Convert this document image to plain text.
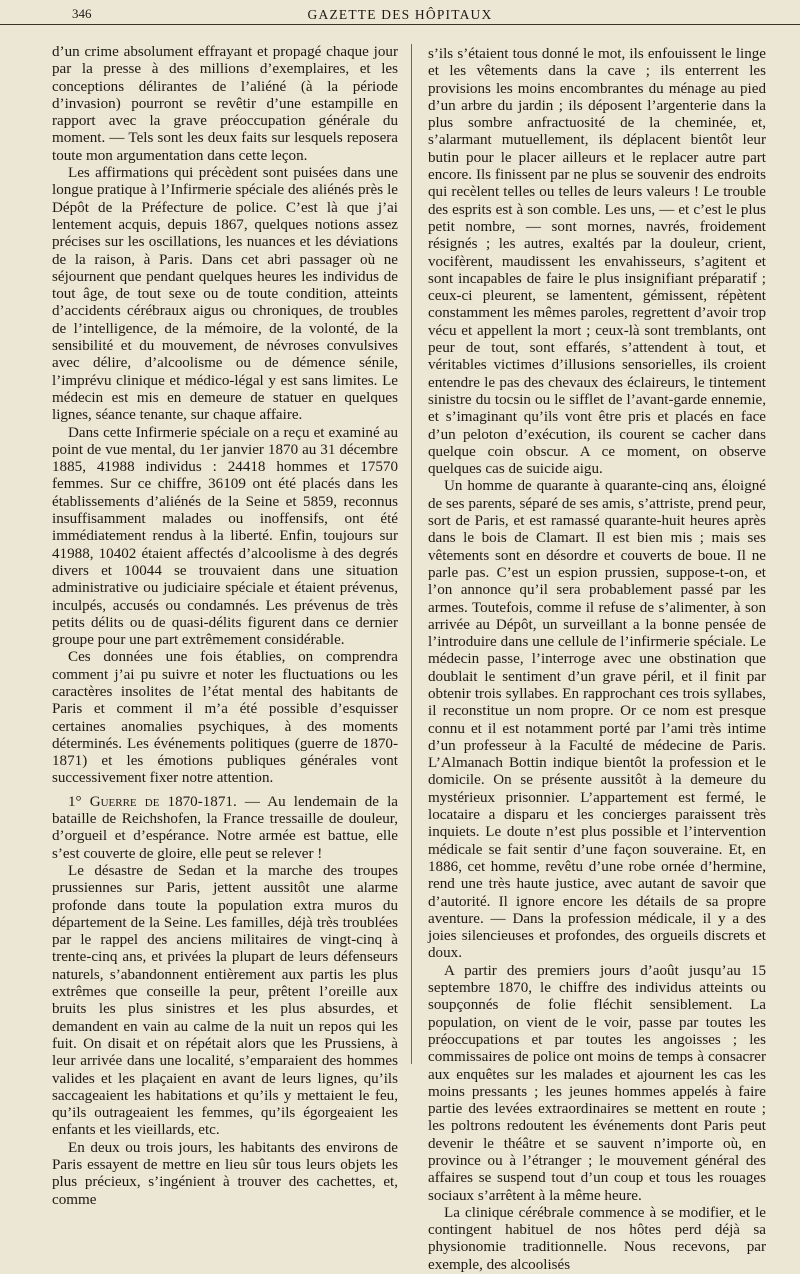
346	GAZETTE DES HÔPITAUX

d’un crime absolument effrayant et propagé chaque jour par la presse à des millions d’exemplaires, et les conceptions délirantes de l’aliéné (à la période d’invasion) pourront se revêtir d’une estampille en rapport avec la grave préoccupation générale du moment. — Tels sont les deux faits sur lesquels reposera toute mon argumentation dans cette leçon.

Les affirmations qui précèdent sont puisées dans une longue pratique à l’Infirmerie spéciale des aliénés près le Dépôt de la Préfecture de police. C’est là que j’ai lentement acquis, depuis 1867, quelques notions assez précises sur les oscillations, les nuances et les déviations de la raison, à Paris. Dans cet abri passager où ne séjournent que pendant quelques heures les individus de tout âge, de tout sexe ou de toute condition, atteints d’accidents cérébraux aigus ou chroniques, de troubles de l’intelligence, de la mémoire, de la volonté, de la sensibilité et du mouvement, de névroses convulsives avec délire, d’alcoolisme ou de démence sénile, l’imprévu clinique et médico-légal y est sans limites. Le médecin est mis en demeure de statuer en quelques lignes, séance tenante, sur chaque affaire.

Dans cette Infirmerie spéciale on a reçu et examiné au point de vue mental, du 1er janvier 1870 au 31 décembre 1885, 41988 individus : 24418 hommes et 17570 femmes. Sur ce chiffre, 36109 ont été placés dans les établissements d’aliénés de la Seine et 5859, reconnus insuffisamment malades ou inoffensifs, ont été immédiatement rendus à la liberté. Enfin, toujours sur 41988, 10402 étaient affectés d’alcoolisme à des degrés divers et 10044 se trouvaient dans une situation administrative ou judiciaire spéciale et étaient prévenus, inculpés, accusés ou condamnés. Les prévenus de très petits délits ou de quasi-délits figurent dans ce dernier groupe pour une part extrêmement considérable.

Ces données une fois établies, on comprendra comment j’ai pu suivre et noter les fluctuations ou les caractères insolites de l’état mental des habitants de Paris et comment il m’a été possible d’esquisser certaines anomalies psychiques, à des moments déterminés. Les événements politiques (guerre de 1870-1871) et les émotions publiques générales vont successivement fixer notre attention.

1° Guerre de 1870-1871. — Au lendemain de la bataille de Reichshofen, la France tressaille de douleur, d’orgueil et d’espérance. Notre armée est battue, elle s’est couverte de gloire, elle peut se relever !

Le désastre de Sedan et la marche des troupes prussiennes sur Paris, jettent aussitôt une alarme profonde dans toute la population extra muros du département de la Seine. Les familles, déjà très troublées par le rappel des anciens militaires de vingt-cinq à trente-cinq ans, et privées la plupart de leurs défenseurs naturels, s’abandonnent entièrement aux partis les plus extrêmes que conseille la peur, prêtent l’oreille aux bruits les plus sinistres et les plus absurdes, et demandent en vain au calme de la nuit un repos qui les fuit. On disait et on répétait alors que les Prussiens, à leur arrivée dans une localité, s’emparaient des hommes valides et les plaçaient en avant de leurs lignes, qu’ils saccageaient les habitations et qu’ils y mettaient le feu, qu’ils outrageaient les femmes, qu’ils égorgeaient les enfants et les vieillards, etc.

En deux ou trois jours, les habitants des environs de Paris essayent de mettre en lieu sûr tous leurs objets les plus précieux, s’ingénient à trouver des cachettes, et, comme

s’ils s’étaient tous donné le mot, ils enfouissent le linge et les vêtements dans la cave ; ils enterrent les provisions les moins encombrantes du ménage au pied d’un arbre du jardin ; ils déposent l’argenterie dans la plus sombre anfractuosité de la cheminée, et, s’alarmant mutuellement, ils déplacent bientôt leur butin pour le placer ailleurs et le replacer autre part encore. Ils finissent par ne plus se souvenir des endroits qui recèlent telles ou telles de leurs valeurs ! Le trouble des esprits est à son comble. Les uns, — et c’est le plus petit nombre, — sont mornes, navrés, froidement résignés ; les autres, exaltés par la douleur, crient, vocifèrent, maudissent les envahisseurs, s’agitent et sont incapables de faire le plus insignifiant préparatif ; ceux-ci pleurent, se lamentent, gémissent, répètent constamment les mêmes paroles, regrettent d’avoir trop vécu et appellent la mort ; ceux-là sont tremblants, ont peur de tout, sont effarés, s’attendent à tout, et véritables victimes d’illusions sensorielles, ils croient entendre le pas des chevaux des éclaireurs, le tintement sinistre du tocsin ou le sifflet de l’avant-garde ennemie, et s’imaginant qu’ils vont être pris et placés en face d’un peloton d’exécution, ils courent se cacher dans quelque coin obscur. A ce moment, on observe quelques cas de suicide aigu.

Un homme de quarante à quarante-cinq ans, éloigné de ses parents, séparé de ses amis, s’attriste, prend peur, sort de Paris, et est ramassé quarante-huit heures après dans le bois de Clamart. Il est bien mis ; mais ses vêtements sont en désordre et couverts de boue. Il ne parle pas. C’est un espion prussien, suppose-t-on, et l’on annonce qu’il sera probablement passé par les armes. Toutefois, comme il refuse de s’alimenter, à son arrivée au Dépôt, un surveillant a la bonne pensée de l’introduire dans une cellule de l’infirmerie spéciale. Le médecin passe, l’interroge avec une obstination que doublait le sentiment d’un grave péril, et il finit par obtenir trois syllabes. En rapprochant ces trois syllabes, il reconstitue un nom propre. Or ce nom est presque connu et il est notamment porté par l’ami très intime d’un professeur à la Faculté de médecine de Paris. L’Almanach Bottin indique bientôt la profession et le domicile. On se présente aussitôt à la demeure du mystérieux prisonnier. L’appartement est fermé, le locataire a disparu et les concierges paraissent très inquiets. Le doute n’est plus possible et l’intervention médicale se fait sentir d’une façon souveraine. Et, en 1886, cet homme, revêtu d’une robe ornée d’hermine, rend une très haute justice, avec autant de savoir que d’autorité. Il ignore encore les détails de sa propre aventure. — Dans la profession médicale, il y a des joies silencieuses et profondes, des orgueils discrets et doux.

A partir des premiers jours d’août jusqu’au 15 septembre 1870, le chiffre des individus atteints ou soupçonnés de folie fléchit sensiblement. La population, on vient de le voir, passe par toutes les préoccupations et par toutes les angoisses ; les commissaires de police ont moins de temps à consacrer aux enquêtes sur les malades et ajournent les cas les moins pressants ; les jeunes hommes appelés à faire partie des levées extraordinaires se mettent en route ; les poltrons redoutent les événements dont Paris peut devenir le théâtre et se sauvent n’importe où, en province ou à l’étranger ; le mouvement général des affaires se suspend tout d’un coup et tous les rouages sociaux s’arrêtent à la même heure.

La clinique cérébrale commence à se modifier, et le contingent habituel de nos hôtes perd déjà sa physionomie traditionnelle. Nous recevons, par exemple, des alcoolisés
